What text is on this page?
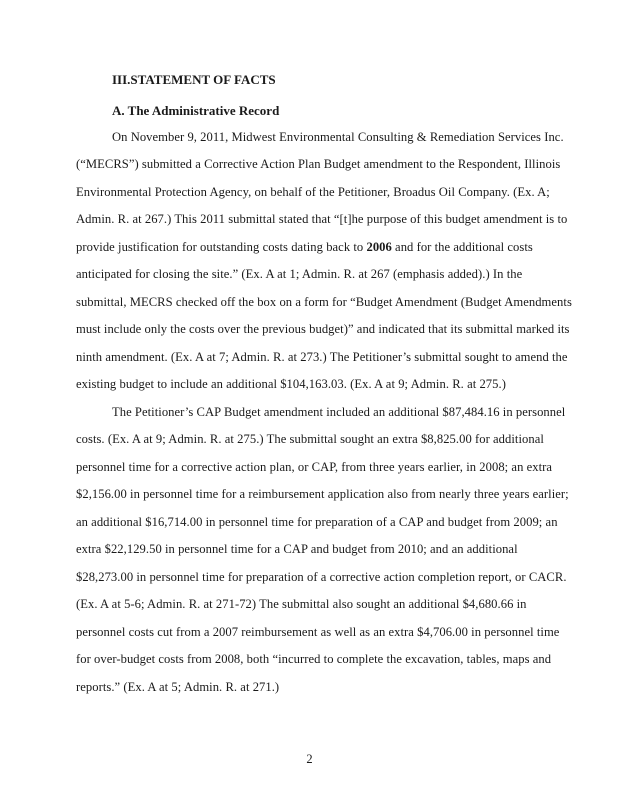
III.STATEMENT OF FACTS
A. The Administrative Record
On November 9, 2011, Midwest Environmental Consulting & Remediation Services Inc.
(“MECRS”) submitted a Corrective Action Plan Budget amendment to the Respondent, Illinois
Environmental Protection Agency, on behalf of the Petitioner, Broadus Oil Company. (Ex. A;
Admin. R. at 267.) This 2011 submittal stated that “[t]he purpose of this budget amendment is to
provide justification for outstanding costs dating back to 2006 and for the additional costs
anticipated for closing the site.” (Ex. A at 1; Admin. R. at 267 (emphasis added).) In the
submittal, MECRS checked off the box on a form for “Budget Amendment (Budget Amendments
must include only the costs over the previous budget)” and indicated that its submittal marked its
ninth amendment. (Ex. A at 7; Admin. R. at 273.) The Petitioner’s submittal sought to amend the
existing budget to include an additional $104,163.03. (Ex. A at 9; Admin. R. at 275.)
The Petitioner’s CAP Budget amendment included an additional $87,484.16 in personnel
costs. (Ex. A at 9; Admin. R. at 275.) The submittal sought an extra $8,825.00 for additional
personnel time for a corrective action plan, or CAP, from three years earlier, in 2008; an extra
$2,156.00 in personnel time for a reimbursement application also from nearly three years earlier;
an additional $16,714.00 in personnel time for preparation of a CAP and budget from 2009; an
extra $22,129.50 in personnel time for a CAP and budget from 2010; and an additional
$28,273.00 in personnel time for preparation of a corrective action completion report, or CACR.
(Ex. A at 5-6; Admin. R. at 271-72) The submittal also sought an additional $4,680.66 in
personnel costs cut from a 2007 reimbursement as well as an extra $4,706.00 in personnel time
for over-budget costs from 2008, both “incurred to complete the excavation, tables, maps and
reports.” (Ex. A at 5; Admin. R. at 271.)
2
